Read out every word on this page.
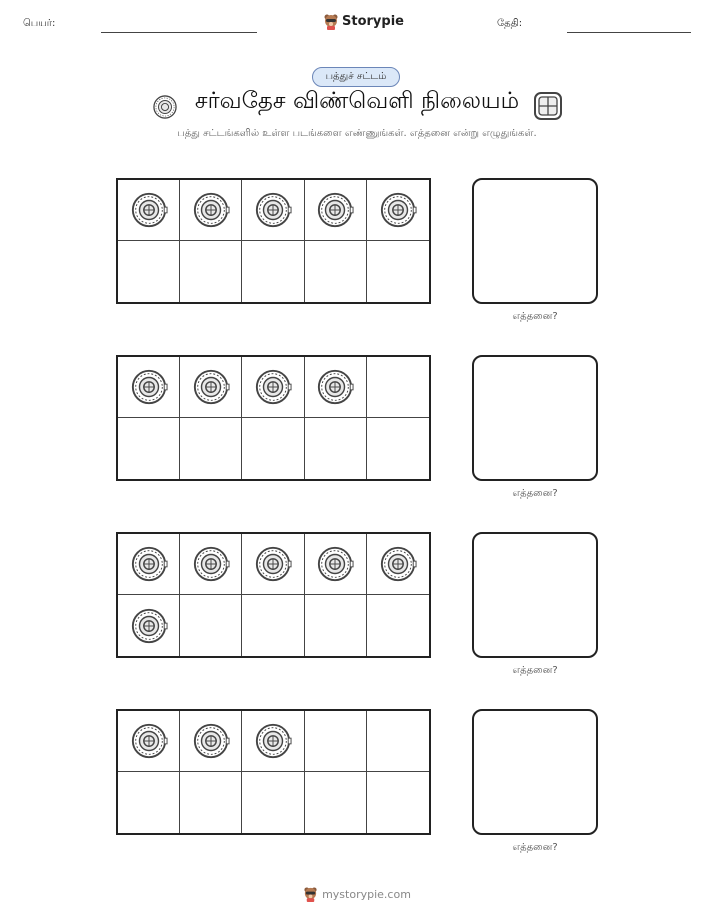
பெயர்:	Storypie	தேதி:
பத்துச் சட்டம்
சர்வதேச விண்வெளி நிலையம்
பத்து சட்டங்களில் உள்ள படங்களை எண்ணுங்கள். எத்தனை என்று எழுதுங்கள்.
எத்தனை?
எத்தனை?
எத்தனை?
எத்தனை?
mystorypie.com
